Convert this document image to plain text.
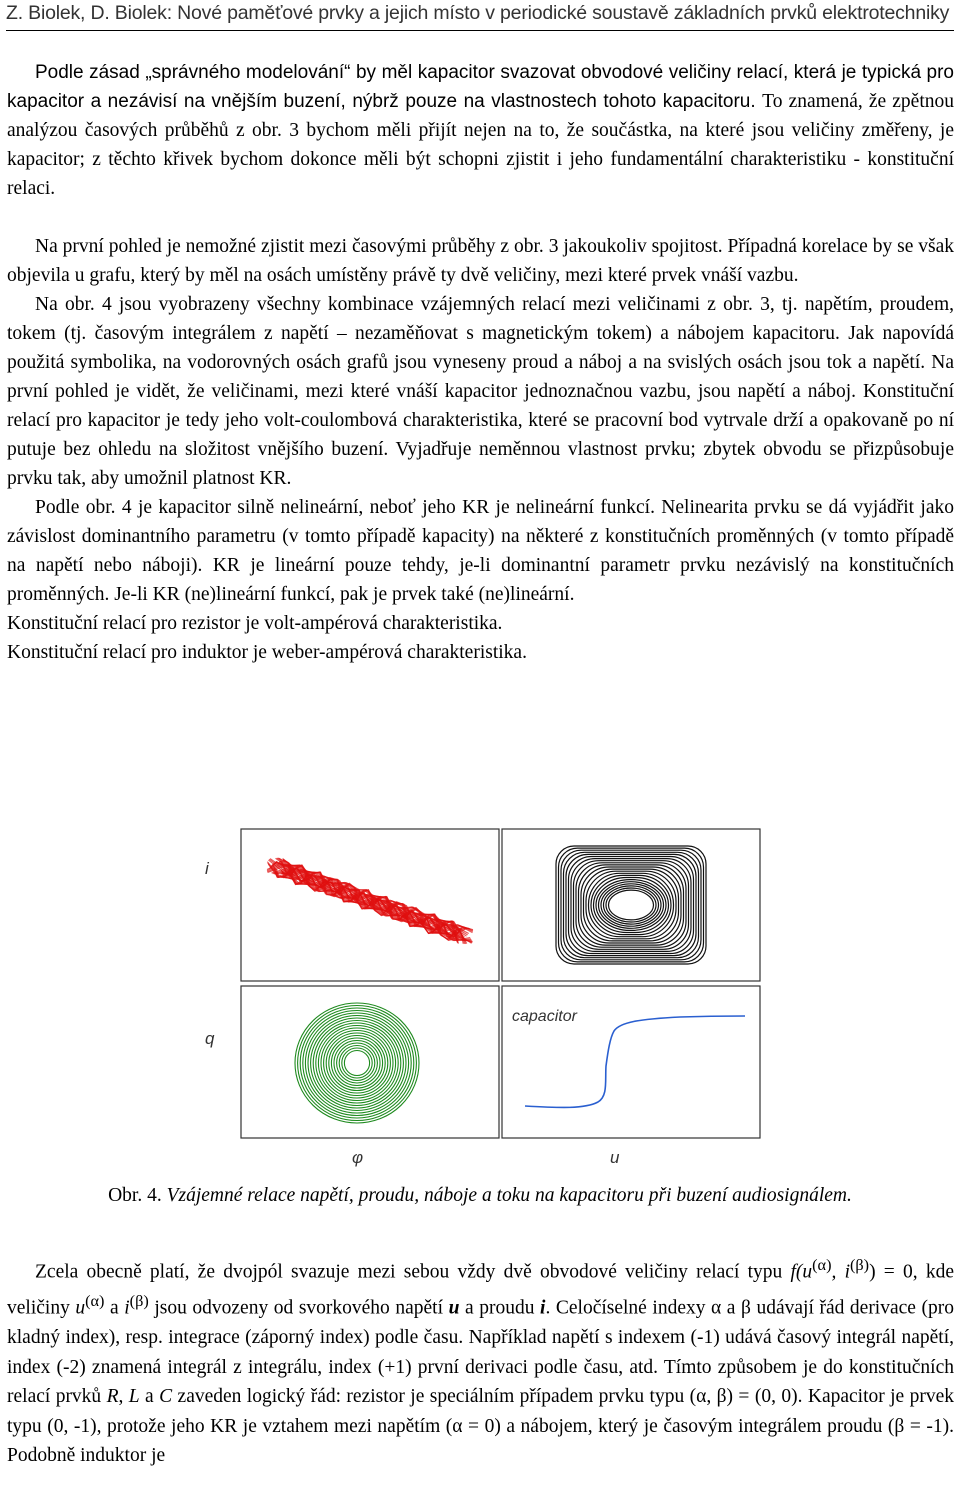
Z. Biolek, D. Biolek: Nové paměťové prvky a jejich místo v periodické soustavě základních prvků elektrotechniky

Podle zásad „správného modelování“ by měl kapacitor svazovat obvodové veličiny relací, která je typická pro kapacitor a nezávisí na vnějším buzení, nýbrž pouze na vlastnostech tohoto kapacitoru. To znamená, že zpětnou analýzou časových průběhů z obr. 3 bychom měli přijít nejen na to, že součástka, na které jsou veličiny změřeny, je kapacitor; z těchto křivek bychom dokonce měli být schopni zjistit i jeho fundamentální charakteristiku - konstituční relaci.

Na první pohled je nemožné zjistit mezi časovými průběhy z obr. 3 jakoukoliv spojitost. Případná korelace by se však objevila u grafu, který by měl na osách umístěny právě ty dvě veličiny, mezi které prvek vnáší vazbu.

Na obr. 4 jsou vyobrazeny všechny kombinace vzájemných relací mezi veličinami z obr. 3, tj. napětím, proudem, tokem (tj. časovým integrálem z napětí – nezaměňovat s magnetickým tokem) a nábojem kapacitoru. Jak napovídá použitá symbolika, na vodorovných osách grafů jsou vyneseny proud a náboj a na svislých osách jsou tok a napětí. Na první pohled je vidět, že veličinami, mezi které vnáší kapacitor jednoznačnou vazbu, jsou napětí a náboj. Konstituční relací pro kapacitor je tedy jeho volt-coulombová charakteristika, které se pracovní bod vytrvale drží a opakovaně po ní putuje bez ohledu na složitost vnějšího buzení. Vyjadřuje neměnnou vlastnost prvku; zbytek obvodu se přizpůsobuje prvku tak, aby umožnil platnost KR.

Podle obr. 4 je kapacitor silně nelineární, neboť jeho KR je nelineární funkcí. Nelinearita prvku se dá vyjádřit jako závislost dominantního parametru (v tomto případě kapacity) na některé z konstitučních proměnných (v tomto případě na napětí nebo náboji). KR je lineární pouze tehdy, je-li dominantní parametr prvku nezávislý na konstitučních proměnných. Je-li KR (ne)lineární funkcí, pak je prvek také (ne)lineární.

Konstituční relací pro rezistor je volt-ampérová charakteristika.

Konstituční relací pro induktor je weber-ampérová charakteristika.

i
q
φ	u
capacitor
Obr. 4. Vzájemné relace napětí, proudu, náboje a toku na kapacitoru při buzení audiosignálem.

Zcela obecně platí, že dvojpól svazuje mezi sebou vždy dvě obvodové veličiny relací typu $f(u^{(\alpha)}$, $i^{(\beta)}) = 0$, kde veličiny $u^{(\alpha)}$ a $i^{(\beta)}$ jsou odvozeny od svorkového napětí u a proudu i. Celočíselné indexy α a β udávají řád derivace (pro kladný index), resp. integrace (záporný index) podle času. Například napětí s indexem (-1) udává časový integrál napětí, index (-2) znamená integrál z integrálu, index (+1) první derivaci podle času, atd. Tímto způsobem je do konstitučních relací prvků R, L a C zaveden logický řád: rezistor je speciálním případem prvku typu (α, β) = (0, 0). Kapacitor je prvek typu (0, -1), protože jeho KR je vztahem mezi napětím (α = 0) a nábojem, který je časovým integrálem proudu (β = -1). Podobně induktor je
